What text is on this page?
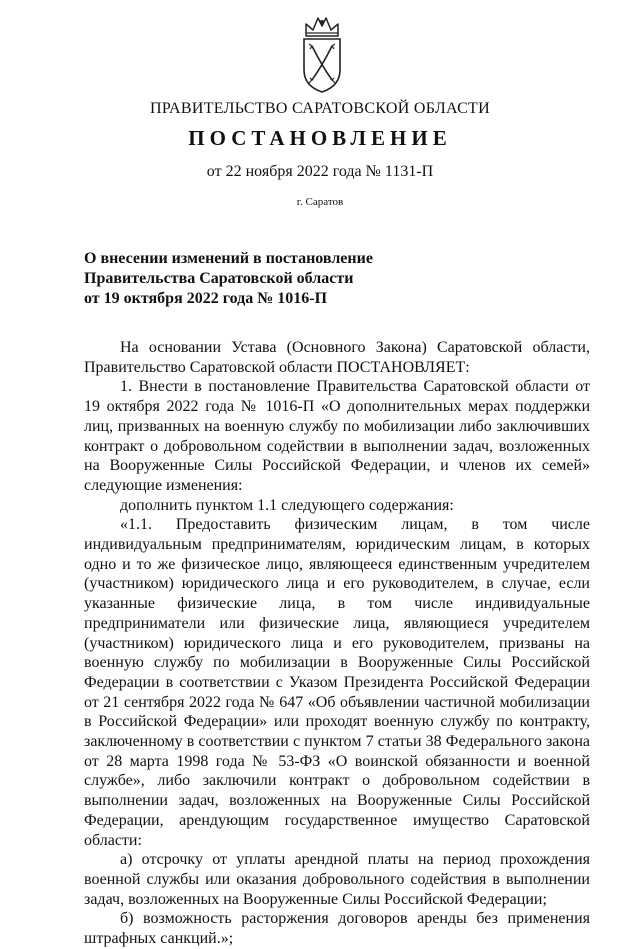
ПРАВИТЕЛЬСТВО САРАТОВСКОЙ ОБЛАСТИ
ПОСТАНОВЛЕНИЕ
от 22 ноября 2022 года № 1131-П
г. Саратов
О внесении изменений в постановление
Правительства Саратовской области
от 19 октября 2022 года № 1016-П

На основании Устава (Основного Закона) Саратовской области, Правительство Саратовской области ПОСТАНОВЛЯЕТ:

1. Внести в постановление Правительства Саратовской области от 19 октября 2022 года № 1016-П «О дополнительных мерах поддержки лиц, призванных на военную службу по мобилизации либо заключивших контракт о добровольном содействии в выполнении задач, возложенных на Вооруженные Силы Российской Федерации, и членов их семей» следующие изменения:

дополнить пунктом 1.1 следующего содержания:

«1.1. Предоставить физическим лицам, в том числе индивидуальным предпринимателям, юридическим лицам, в которых одно и то же физическое лицо, являющееся единственным учредителем (участником) юридического лица и его руководителем, в случае, если указанные физические лица, в том числе индивидуальные предприниматели или физические лица, являющиеся учредителем (участником) юридического лица и его руководителем, призваны на военную службу по мобилизации в Вооруженные Силы Российской Федерации в соответствии с Указом Президента Российской Федерации от 21 сентября 2022 года № 647 «Об объявлении частичной мобилизации в Российской Федерации» или проходят военную службу по контракту, заключенному в соответствии с пунктом 7 статьи 38 Федерального закона от 28 марта 1998 года № 53-ФЗ «О воинской обязанности и военной службе», либо заключили контракт о добровольном содействии в выполнении задач, возложенных на Вооруженные Силы Российской Федерации, арендующим государственное имущество Саратовской области:

а) отсрочку от уплаты арендной платы на период прохождения военной службы или оказания добровольного содействия в выполнении задач, возложенных на Вооруженные Силы Российской Федерации;

б) возможность расторжения договоров аренды без применения штрафных санкций.»;
